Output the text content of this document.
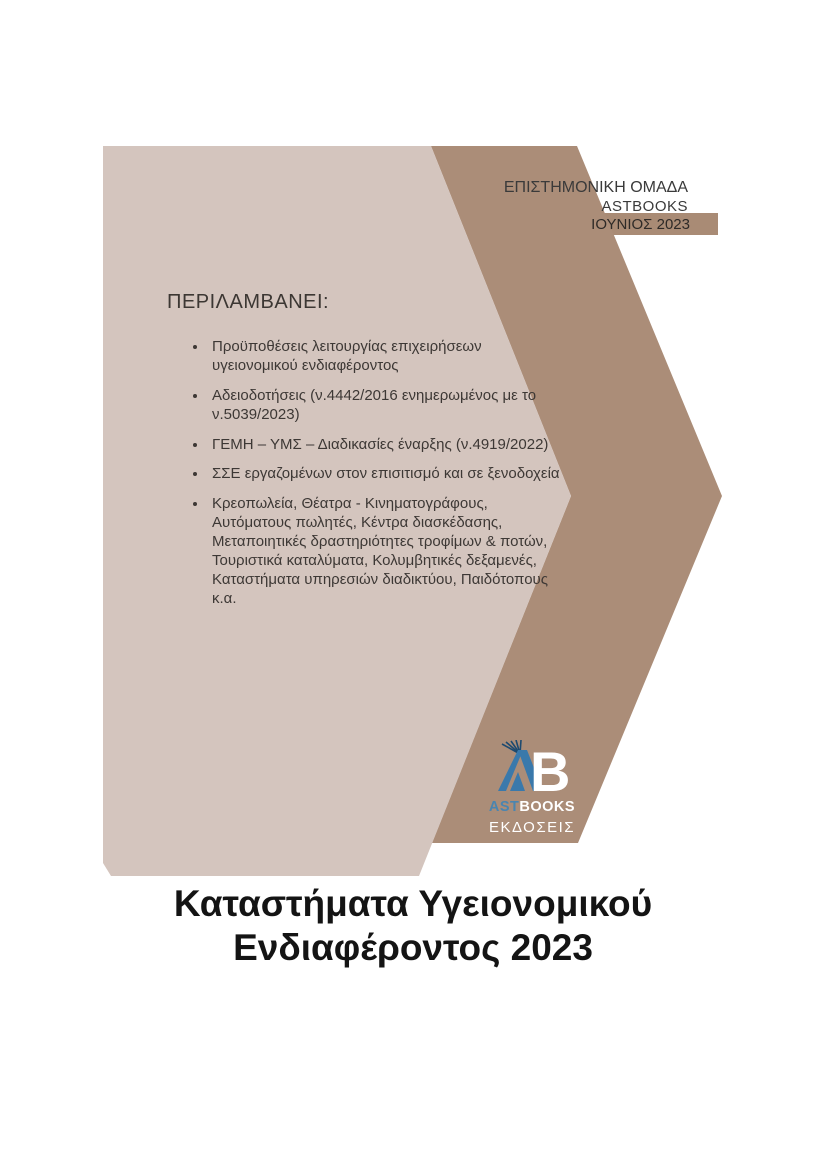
ΕΠΙΣΤΗΜΟΝΙΚΗ ΟΜΑΔΑ
ASTBOOKS
ΙΟΥΝΙΟΣ 2023
ΠΕΡΙΛΑΜΒΑΝΕΙ:
• Προϋποθέσεις λειτουργίας επιχειρήσεων υγειονομικού ενδιαφέροντος
• Αδειοδοτήσεις (ν.4442/2016 ενημερωμένος με το ν.5039/2023)
• ΓΕΜΗ – ΥΜΣ – Διαδικασίες έναρξης (ν.4919/2022)
• ΣΣΕ εργαζομένων στον επισιτισμό και σε ξενοδοχεία
• Κρεοπωλεία, Θέατρα - Κινηματογράφους, Αυτόματους πωλητές, Κέντρα διασκέδασης, Μεταποιητικές δραστηριότητες τροφίμων & ποτών, Τουριστικά καταλύματα, Κολυμβητικές δεξαμενές, Καταστήματα υπηρεσιών διαδικτύου, Παιδότοπους κ.α.
B
ASTBOOKS
ΕΚΔΟΣΕΙΣ
Καταστήματα Υγειονομικού
Ενδιαφέροντος 2023
